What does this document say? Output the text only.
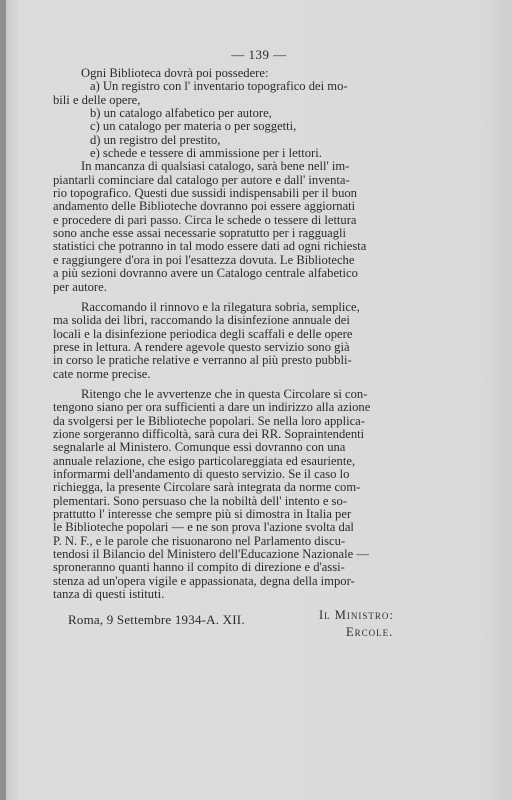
— 139 —
Ogni Biblioteca dovrà poi possedere:
a) Un registro con l' inventario topografico dei mo-
bili e delle opere,
b) un catalogo alfabetico per autore,
c) un catalogo per materia o per soggetti,
d) un registro del prestito,
e) schede e tessere di ammissione per i lettori.
In mancanza di qualsiasi catalogo, sarà bene nell' im-
piantarli cominciare dal catalogo per autore e dall' inventa-
rio topografico. Questi due sussidi indispensabili per il buon
andamento delle Biblioteche dovranno poi essere aggiornati
e procedere di pari passo. Circa le schede o tessere di lettura
sono anche esse assai necessarie sopratutto per i ragguagli
statistici che potranno in tal modo essere dati ad ogni richiesta
e raggiungere d'ora in poi l'esattezza dovuta. Le Biblioteche
a più sezioni dovranno avere un Catalogo centrale alfabetico
per autore.
Raccomando il rinnovo e la rilegatura sobria, semplice,
ma solida dei libri, raccomando la disinfezione annuale dei
locali e la disinfezione periodica degli scaffali e delle opere
prese in lettura. A rendere agevole questo servizio sono già
in corso le pratiche relative e verranno al più presto pubbli-
cate norme precise.
Ritengo che le avvertenze che in questa Circolare si con-
tengono siano per ora sufficienti a dare un indirizzo alla azione
da svolgersi per le Biblioteche popolari. Se nella loro applica-
zione sorgeranno difficoltà, sarà cura dei RR. Sopraintendenti
segnalarle al Ministero. Comunque essi dovranno con una
annuale relazione, che esigo particolareggiata ed esauriente,
informarmi dell'andamento di questo servizio. Se il caso lo
richiegga, la presente Circolare sarà integrata da norme com-
plementari. Sono persuaso che la nobiltà dell' intento e so-
prattutto l' interesse che sempre più si dimostra in Italia per
le Biblioteche popolari — e ne son prova l'azione svolta dal
P. N. F., e le parole che risuonarono nel Parlamento discu-
tendosi il Bilancio del Ministero dell'Educazione Nazionale —
sproneranno quanti hanno il compito di direzione e d'assi-
stenza ad un'opera vigile e appassionata, degna della impor-
tanza di questi istituti.
Roma, 9 Settembre 1934-A. XII.	Il Ministro:
Ercole.
